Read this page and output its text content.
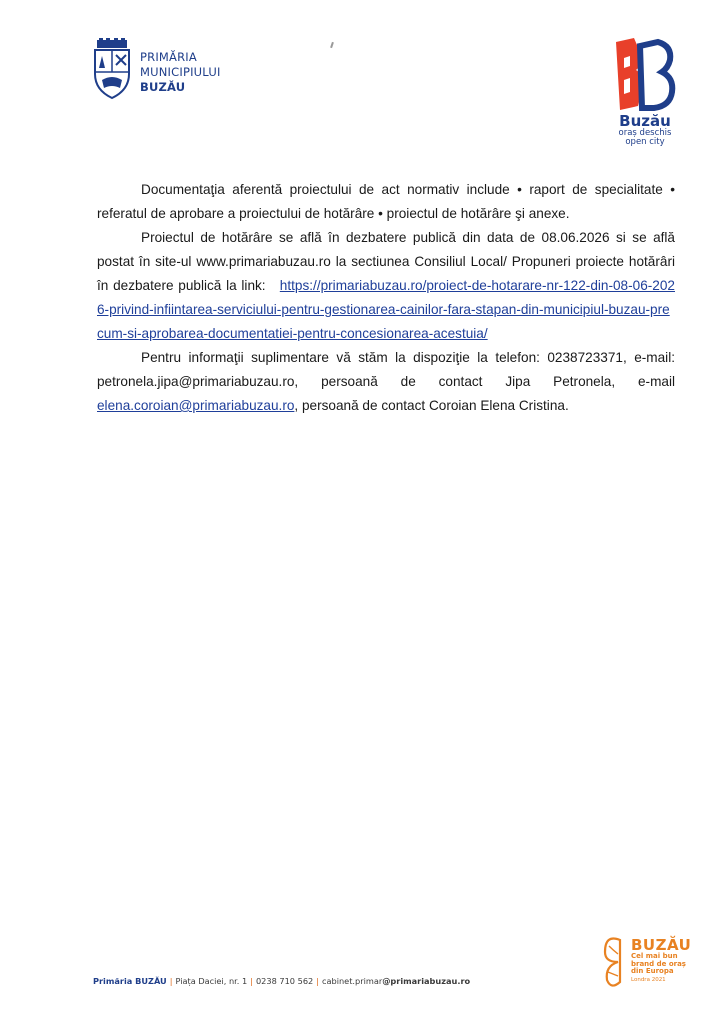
PRIMĂRIA
MUNICIPIULUI
BUZĂU
Buzău
oraș deschis
open city

Documentaţia aferentă proiectului de act normativ include • raport de specialitate • referatul de aprobare a proiectului de hotărâre • proiectul de hotărâre şi anexe.

Proiectul de hotărâre se află în dezbatere publică din data de 08.06.2026 si se află postat în site-ul www.primariabuzau.ro la sectiunea Consiliul Local/ Propuneri proiecte hotărâri în dezbatere publică la link: https://primariabuzau.ro/proiect-de-hotarare-nr-122-din-08-06-2026-privind-infiintarea-serviciului-pentru-gestionarea-cainilor-fara-stapan-din-municipiul-buzau-precum-si-aprobarea-documentatiei-pentru-concesionarea-acestuia/

Pentru informaţii suplimentare vă stăm la dispoziţie la telefon: 0238723371, e-mail: petronela.jipa@primariabuzau.ro, persoană de contact Jipa Petronela, e-mail elena.coroian@primariabuzau.ro, persoană de contact Coroian Elena Cristina.

Primăria BUZĂU | Piața Daciei, nr. 1 | 0238 710 562 | cabinet.primar@primariabuzau.ro
BUZĂU
Cel mai bun
brand de oraș
din Europa
Londra 2021
